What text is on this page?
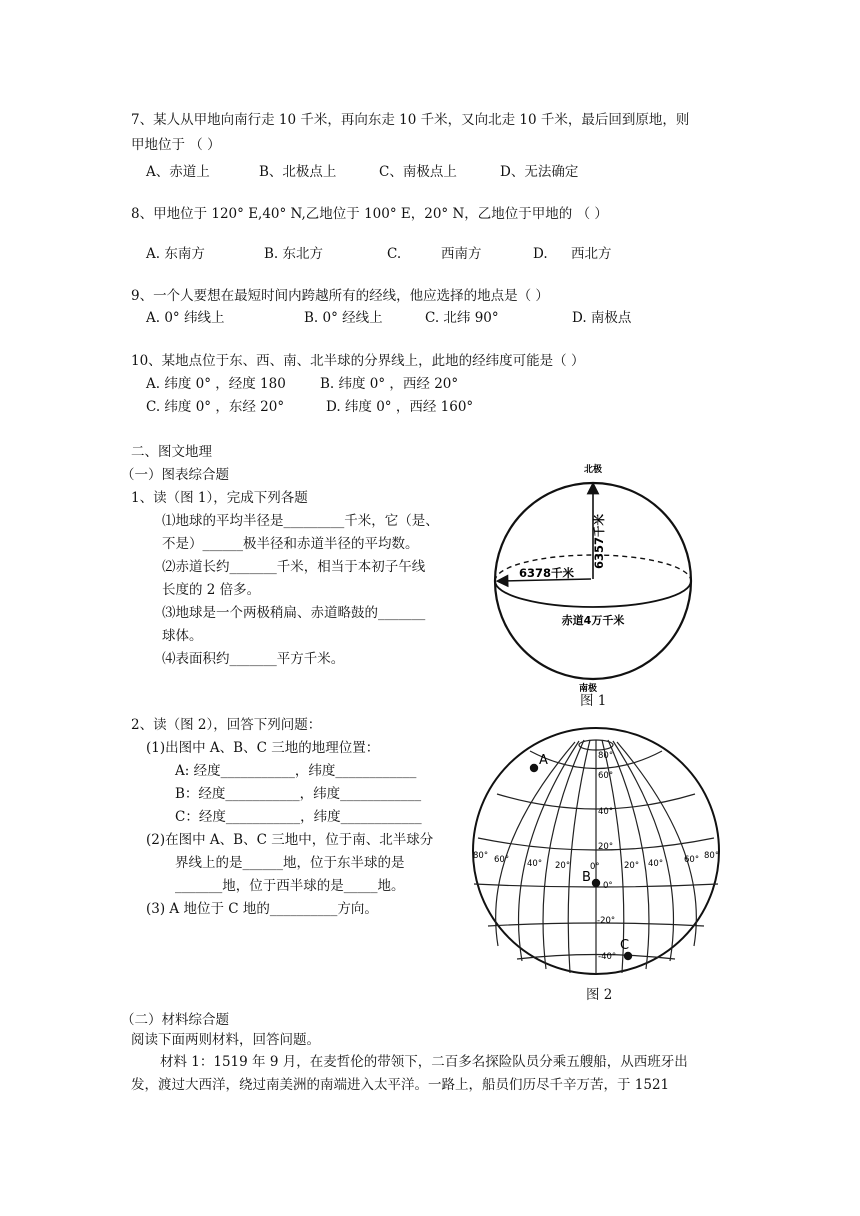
7、某人从甲地向南行走 10 千米，再向东走 10 千米，又向北走 10 千米，最后回到原地，则
甲地位于 （ ）
A、赤道上	B、北极点上	C、南极点上	D、无法确定
8、甲地位于 120° E,40° N,乙地位于 100° E，20° N，乙地位于甲地的 （ ）
A. 东南方	B. 东北方	C.	西南方	D. 西北方
9、一个人要想在最短时间内跨越所有的经线，他应选择的地点是（ ）
A. 0° 纬线上	B. 0° 经线上	C. 北纬 90°	D. 南极点
10、某地点位于东、西、南、北半球的分界线上，此地的经纬度可能是（ ）
A. 纬度 0° ，经度 180	B. 纬度 0° ，西经 20°
C. 纬度 0° ，东经 20°	D. 纬度 0° ，西经 160°
二、图文地理
（一）图表综合题
1、读（图 1），完成下列各题
⑴地球的平均半径是_________千米，它（是、
不是）______极半径和赤道半径的平均数。
⑵赤道长约_______千米，相当于本初子午线
长度的 2 倍多。
⑶地球是一个两极稍扁、赤道略鼓的_______
球体。
⑷表面积约_______平方千米。
北极
6357千米
6378千米
赤道4万千米
南极
图 1
2、读（图 2），回答下列问题：
(1)出图中 A、B、C 三地的地理位置：
A: 经度___________，纬度____________
B：经度___________，纬度____________
C：经度___________，纬度____________
(2)在图中 A、B、C 三地中，位于南、北半球分
界线上的是______地，位于东半球的是
_______地，位于西半球的是_____地。
(3) A 地位于 C 地的__________方向。
A
B
C
80° 60° 40° 20° 0°	20° 40° 60° 80°
80°
60°
40°
20°
0°
-20°
-40°
图 2
（二）材料综合题
阅读下面两则材料，回答问题。
材料 1：1519 年 9 月，在麦哲伦的带领下，二百多名探险队员分乘五艘船，从西班牙出
发，渡过大西洋，绕过南美洲的南端进入太平洋。一路上，船员们历尽千辛万苦，于 1521
